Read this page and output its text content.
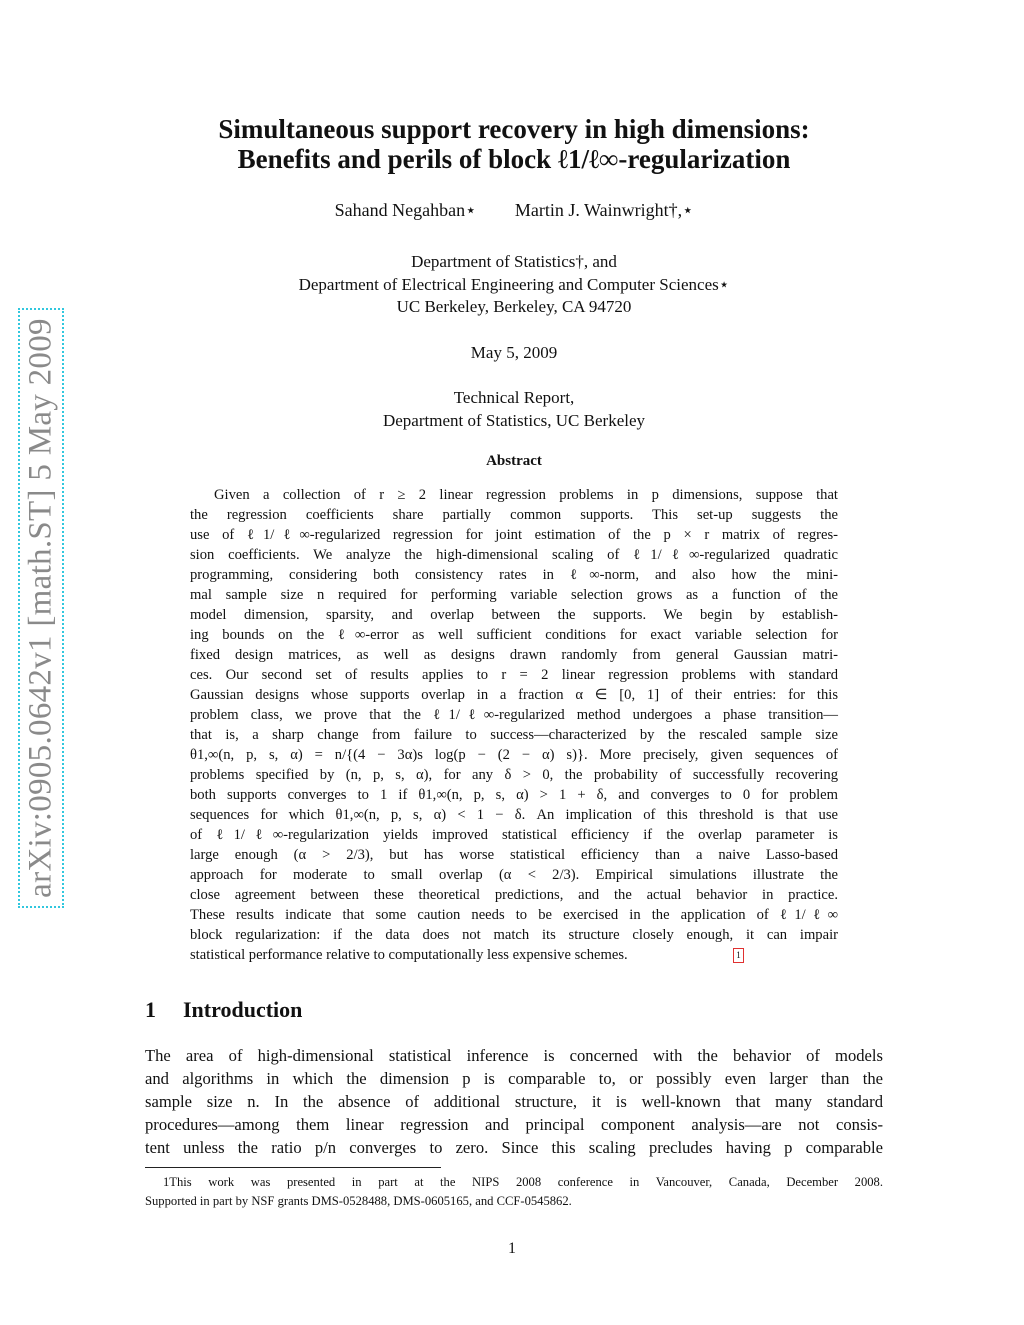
arXiv:0905.0642v1 [math.ST] 5 May 2009
Simultaneous support recovery in high dimensions:
Benefits and perils of block ℓ1/ℓ∞-regularization
Sahand Negahban⋆ Martin J. Wainwright†,⋆
Department of Statistics†, and
Department of Electrical Engineering and Computer Sciences⋆
UC Berkeley, Berkeley, CA 94720
May 5, 2009
Technical Report,
Department of Statistics, UC Berkeley
Abstract
Given a collection of r ≥ 2 linear regression problems in p dimensions, suppose that
the regression coefficients share partially common supports. This set-up suggests the
use of ℓ1/ℓ∞-regularized regression for joint estimation of the p × r matrix of regres-
sion coefficients. We analyze the high-dimensional scaling of ℓ1/ℓ∞-regularized quadratic
programming, considering both consistency rates in ℓ∞-norm, and also how the mini-
mal sample size n required for performing variable selection grows as a function of the
model dimension, sparsity, and overlap between the supports. We begin by establish-
ing bounds on the ℓ∞-error as well sufficient conditions for exact variable selection for
fixed design matrices, as well as designs drawn randomly from general Gaussian matri-
ces. Our second set of results applies to r = 2 linear regression problems with standard
Gaussian designs whose supports overlap in a fraction α ∈ [0, 1] of their entries: for this
problem class, we prove that the ℓ1/ℓ∞-regularized method undergoes a phase transition—
that is, a sharp change from failure to success—characterized by the rescaled sample size
θ1,∞(n, p, s, α) = n/{(4 − 3α)s log(p − (2 − α) s)}. More precisely, given sequences of
problems specified by (n, p, s, α), for any δ > 0, the probability of successfully recovering
both supports converges to 1 if θ1,∞(n, p, s, α) > 1 + δ, and converges to 0 for problem
sequences for which θ1,∞(n, p, s, α) < 1 − δ. An implication of this threshold is that use
of ℓ1/ℓ∞-regularization yields improved statistical efficiency if the overlap parameter is
large enough (α > 2/3), but has worse statistical efficiency than a naive Lasso-based
approach for moderate to small overlap (α < 2/3). Empirical simulations illustrate the
close agreement between these theoretical predictions, and the actual behavior in practice.
These results indicate that some caution needs to be exercised in the application of ℓ1/ℓ∞
block regularization: if the data does not match its structure closely enough, it can impair
statistical performance relative to computationally less expensive schemes.	1
1 Introduction
The area of high-dimensional statistical inference is concerned with the behavior of models
and algorithms in which the dimension p is comparable to, or possibly even larger than the
sample size n. In the absence of additional structure, it is well-known that many standard
procedures—among them linear regression and principal component analysis—are not consis-
tent unless the ratio p/n converges to zero. Since this scaling precludes having p comparable
1This work was presented in part at the NIPS 2008 conference in Vancouver, Canada, December 2008.
Supported in part by NSF grants DMS-0528488, DMS-0605165, and CCF-0545862.
1
